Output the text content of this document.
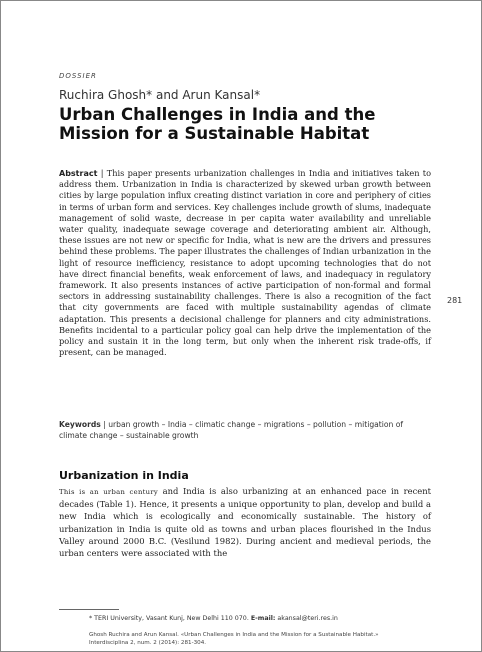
DOSSIER
Ruchira Ghosh* and Arun Kansal*
Urban Challenges in India and the Mission for a Sustainable Habitat

Abstract | This paper presents urbanization challenges in India and initiatives taken to address them. Urbanization in India is characterized by skewed urban growth between cities by large population influx creating distinct variation in core and periphery of cities in terms of urban form and services. Key challenges include growth of slums, inadequate management of solid waste, decrease in per capita water availability and unreliable water quality, inadequate sewage coverage and deteriorating ambient air. Although, these issues are not new or specific for India, what is new are the drivers and pressures behind these problems. The paper illustrates the challenges of Indian urbanization in the light of resource inefficiency, resistance to adopt upcoming technologies that do not have direct financial benefits, weak enforcement of laws, and inadequacy in regulatory framework. It also presents instances of active participation of non-formal and formal sectors in addressing sustainability challenges. There is also a recognition of the fact that city governments are faced with multiple sustainability agendas of climate adaptation. This presents a decisional challenge for planners and city administrations. Benefits incidental to a particular policy goal can help drive the implementation of the policy and sustain it in the long term, but only when the inherent risk trade-offs, if present, can be managed.

281

Keywords | urban growth – India – climatic change – migrations – pollution – mitigation of climate change – sustainable growth

Urbanization in India

This is an urban century and India is also urbanizing at an enhanced pace in recent decades (Table 1). Hence, it presents a unique opportunity to plan, develop and build a new India which is ecologically and economically sustainable. The history of urbanization in India is quite old as towns and urban places flourished in the Indus Valley around 2000 B.C. (Vesilund 1982). During ancient and medieval periods, the urban centers were associated with the

* TERI University, Vasant Kunj, New Delhi 110 070. E-mail: akansal@teri.res.in
Ghosh Ruchira and Arun Kansal. «Urban Challenges in India and the Mission for a Sustainable Habitat.» Interdisciplina 2, num. 2 (2014): 281-304.
